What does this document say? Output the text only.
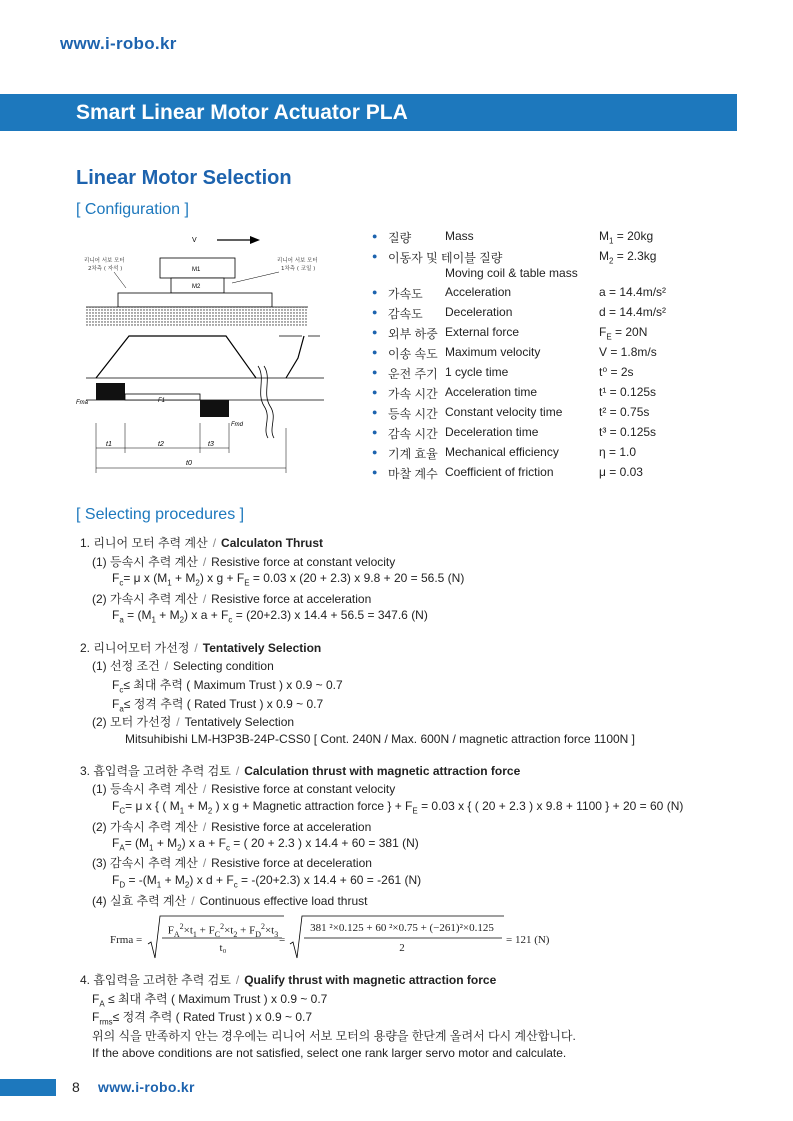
www.i-robo.kr
Smart Linear Motor Actuator PLA
Linear Motor Selection
[ Configuration ]
V
리니어 서보 모터
2차측 ( 자석 )
리니어 서보 모터
1차측 ( 코일 )
M1
M2
Fma	F1
Fmd
t1	t2	t3
t0
● 질량	Mass	$M_1 = 20kg$
● 이동자 및 테이블 질량
Moving coil & table mass
$M_2 = 2.3kg$
● 가속도 Acceleration	a = 14.4m/s²
● 감속도 Deceleration	d = 14.4m/s²
● 외부 하중 External force	$F_E = 20N$
● 이송 속도 Maximum velocity	V = 1.8m/s
● 운전 주기 1 cycle time	t⁰ = 2s
● 가속 시간 Acceleration time	t¹ = 0.125s
● 등속 시간 Constant velocity time	t² = 0.75s
● 감속 시간 Deceleration time	t³ = 0.125s
● 기계 효율 Mechanical efficiency	η = 1.0
● 마찰 계수 Coefficient of friction	μ = 0.03
[ Selecting procedures ]
1. 리니어 모터 추력 계산 / Calculaton Thrust
(1) 등속시 추력 계산 / Resistive force at constant velocity
$F_c= \mu$ x $(M_1 + M_2)$ x $g + F_E = 0.03$ x (20 + 2.3) x 9.8 + 20 = 56.5 (N)
(2) 가속시 추력 계산 / Resistive force at acceleration
$F_a = (M_1 + M_2)$ x $a + F_c = (20+2.3)$ x 14.4 + 56.5 = 347.6 (N)
2. 리니어모터 가선정 / Tentatively Selection
(1) 선정 조건 / Selecting condition
$F_c\le$ 최대 추력 ( Maximum Trust ) x 0.9 ~ 0.7
$F_a\le$ 정격 추력 ( Rated Trust ) x 0.9 ~ 0.7
(2) 모터 가선정 / Tentatively Selection
Mitsuhibishi LM-H3P3B-24P-CSS0 [ Cont. 240N / Max. 600N / magnetic attraction force 1100N ]
3. 흡입력을 고려한 추력 검토 / Calculation thrust with magnetic attraction force
(1) 등속시 추력 계산 / Resistive force at constant velocity
$F_C= \mu$ x { ( $M_1 + M_2$ ) x g + Magnetic attraction force } + $F_E = 0.03$ x { ( 20 + 2.3 ) x 9.8 + 1100 } + 20 = 60 (N)
(2) 가속시 추력 계산 / Resistive force at acceleration
$F_A= (M_1 + M_2)$ x $a + F_c$ = ( 20 + 2.3 ) x 14.4 + 60 = 381 (N)
(3) 감속시 추력 계산 / Resistive force at deceleration
$F_D = -(M_1 + M_2)$ x $d + F_c = -(20+2.3)$ x 14.4 + 60 = -261 (N)
(4) 실효 추력 계산 / Continuous effective load thrust
Frma =
$F_A^2\times t_1 + F_C^2\times t_2 + F_D^2\times t_3$
t₀
=
381 ²×0.125 + 60 ²×0.75 + (−261)²×0.125
2
= 121 (N)
4. 흡입력을 고려한 추력 검토 / Qualify thrust with magnetic attraction force
$F_A$ ≤ 최대 추력 ( Maximum Trust ) x 0.9 ~ 0.7
$F_{rms}\le$ 정격 추력 ( Rated Trust ) x 0.9 ~ 0.7
위의 식을 만족하지 안는 경우에는 리니어 서보 모터의 용량을 한단계 올려서 다시 계산합니다.
If the above conditions are not satisfied, select one rank larger servo motor and calculate.
8 www.i-robo.kr
